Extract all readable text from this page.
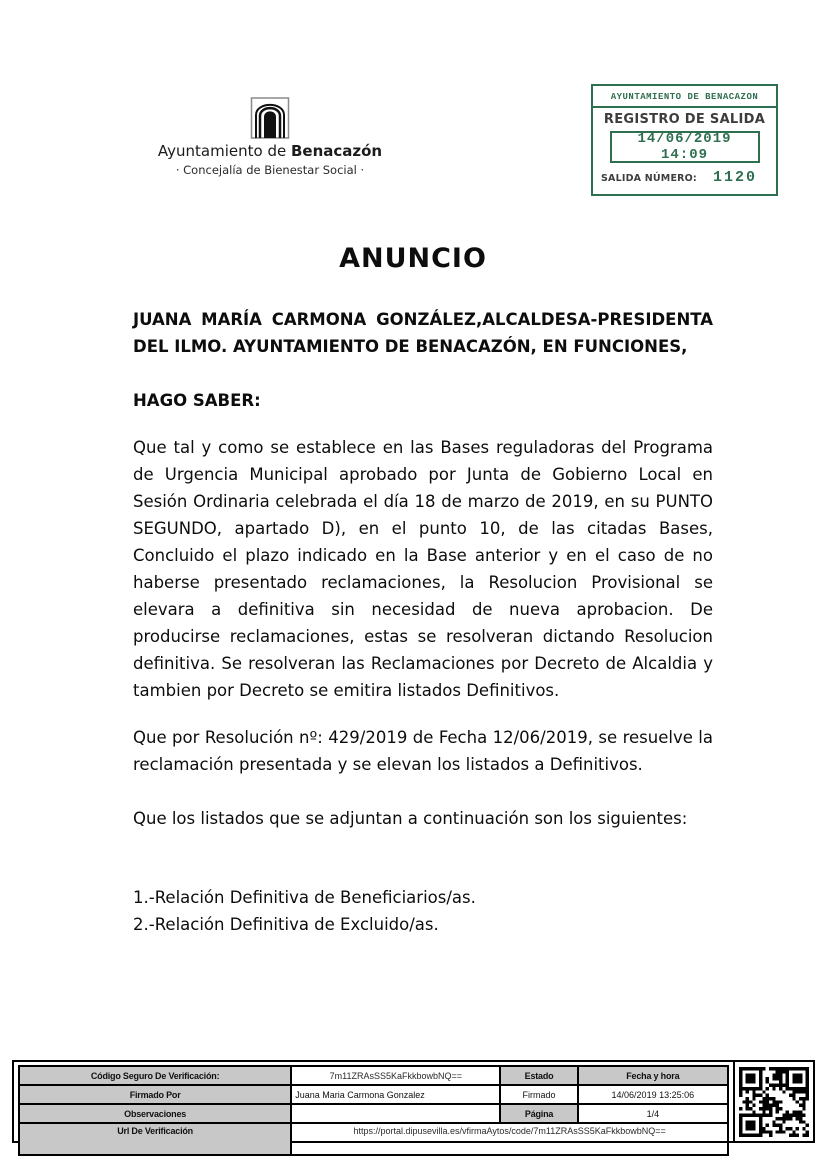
Ayuntamiento de Benacazón
· Concejalía de Bienestar Social ·
AYUNTAMIENTO DE BENACAZON
REGISTRO DE SALIDA
14/06/2019 14:09
SALIDA NÚMERO: 1120
ANUNCIO

JUANA MARÍA CARMONA GONZÁLEZ,ALCALDESA-PRESIDENTA DEL ILMO. AYUNTAMIENTO DE BENACAZÓN, EN FUNCIONES,

HAGO SABER:

Que tal y como se establece en las Bases reguladoras del Programa de Urgencia Municipal aprobado por Junta de Gobierno Local en Sesión Ordinaria celebrada el día 18 de marzo de 2019, en su PUNTO SEGUNDO, apartado D), en el punto 10, de las citadas Bases, Concluido el plazo indicado en la Base anterior y en el caso de no haberse presentado reclamaciones, la Resolucion Provisional se elevara a definitiva sin necesidad de nueva aprobacion. De producirse reclamaciones, estas se resolveran dictando Resolucion definitiva. Se resolveran las Reclamaciones por Decreto de Alcaldia y tambien por Decreto se emitira listados Definitivos.

Que por Resolución nº: 429/2019 de Fecha 12/06/2019, se resuelve la reclamación presentada y se elevan los listados a Definitivos.

Que los listados que se adjuntan a continuación son los siguientes:

1.-Relación Definitiva de Beneficiarios/as.

2.-Relación Definitiva de Excluido/as.

Código Seguro De Verificación:	7m11ZRAsSS5KaFkkbowbNQ==	Estado	Fecha y hora
Firmado Por	Juana Maria Carmona Gonzalez	Firmado	14/06/2019 13:25:06
Observaciones		Página	1/4
Url De Verificación	https://portal.dipusevilla.es/vfirmaAytos/code/7m11ZRAsSS5KaFkkbowbNQ==		
